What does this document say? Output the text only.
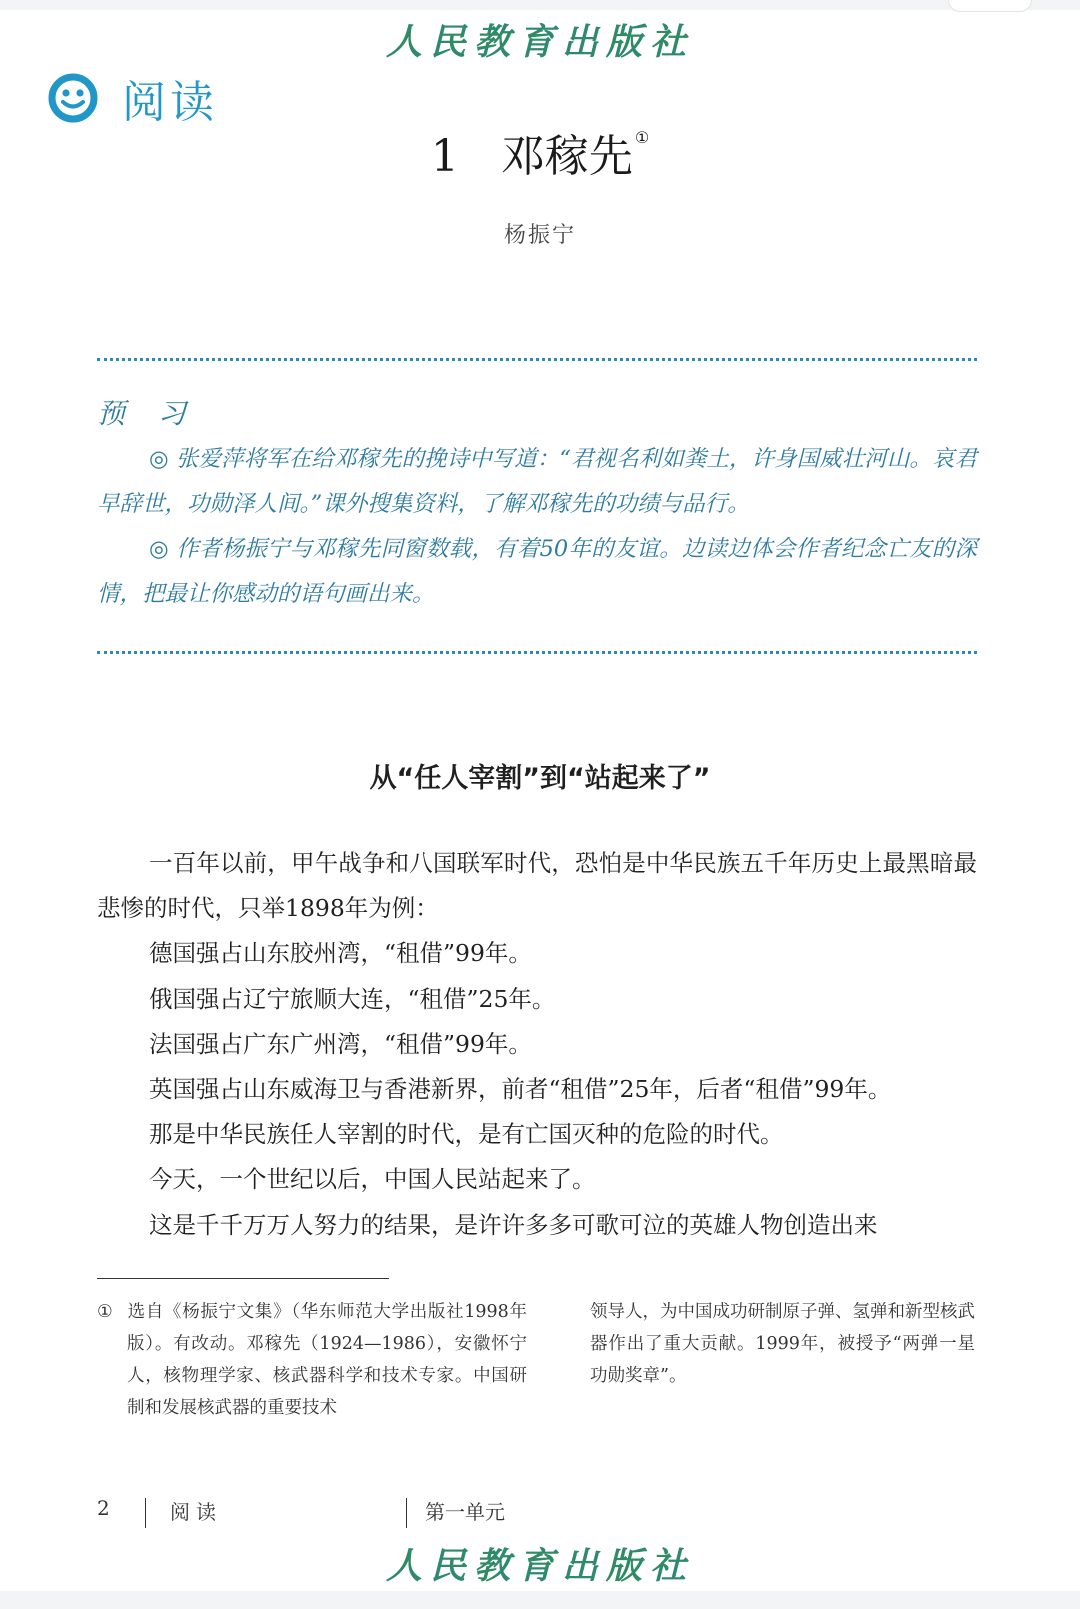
人民教育出版社
阅读
1 邓稼先 ①
杨振宁
预 习

◎ 张爱萍将军在给邓稼先的挽诗中写道：“君视名利如粪土，许身国威壮河山。哀君早辞世，功勋泽人间。”课外搜集资料，了解邓稼先的功绩与品行。

◎ 作者杨振宁与邓稼先同窗数载，有着50年的友谊。边读边体会作者纪念亡友的深情，把最让你感动的语句画出来。

从“任人宰割”到“站起来了”

一百年以前，甲午战争和八国联军时代，恐怕是中华民族五千年历史上最黑暗最悲惨的时代，只举1898年为例：

德国强占山东胶州湾，“租借”99年。

俄国强占辽宁旅顺大连，“租借”25年。

法国强占广东广州湾，“租借”99年。

英国强占山东威海卫与香港新界，前者“租借”25年，后者“租借”99年。

那是中华民族任人宰割的时代，是有亡国灭种的危险的时代。

今天，一个世纪以后，中国人民站起来了。

这是千千万万人努力的结果，是许许多多可歌可泣的英雄人物创造出来

① 选自《杨振宁文集》（华东师范大学出版社1998年版）。有改动。邓稼先（1924—1986），安徽怀宁人，核物理学家、核武器科学和技术专家。中国研制和发展核武器的重要技术

领导人，为中国成功研制原子弹、氢弹和新型核武器作出了重大贡献。1999年，被授予“两弹一星功勋奖章”。

2	阅读	第一单元
人民教育出版社
